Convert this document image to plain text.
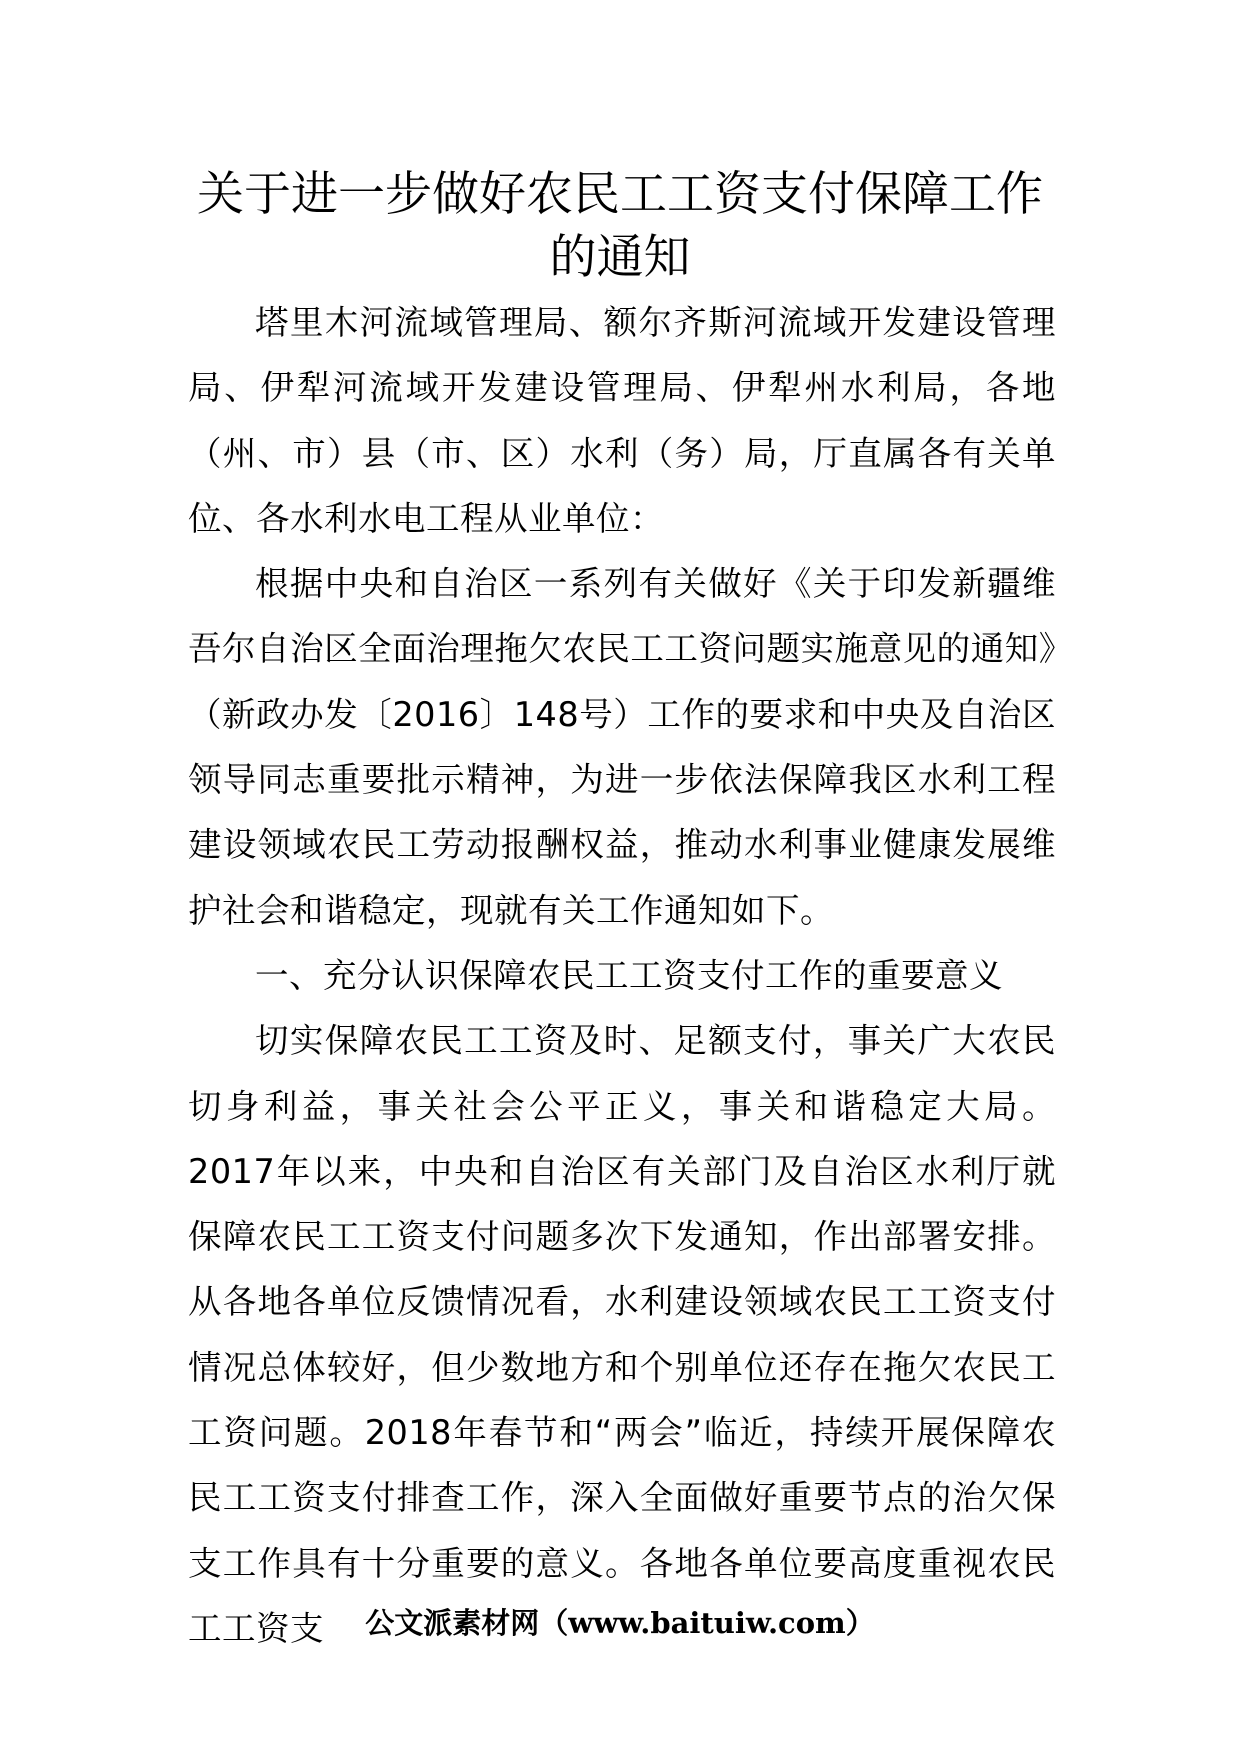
关于进一步做好农民工工资支付保障工作
的通知

塔里木河流域管理局、额尔齐斯河流域开发建设管理局、伊犁河流域开发建设管理局、伊犁州水利局，各地（州、市）县（市、区）水利（务）局，厅直属各有关单位、各水利水电工程从业单位：

根据中央和自治区一系列有关做好《关于印发新疆维吾尔自治区全面治理拖欠农民工工资问题实施意见的通知》（新政办发〔2016〕148号）工作的要求和中央及自治区领导同志重要批示精神，为进一步依法保障我区水利工程建设领域农民工劳动报酬权益，推动水利事业健康发展维护社会和谐稳定，现就有关工作通知如下。

一、充分认识保障农民工工资支付工作的重要意义

切实保障农民工工资及时、足额支付，事关广大农民切身利益，事关社会公平正义，事关和谐稳定大局。2017年以来，中央和自治区有关部门及自治区水利厅就保障农民工工资支付问题多次下发通知，作出部署安排。从各地各单位反馈情况看，水利建设领域农民工工资支付情况总体较好，但少数地方和个别单位还存在拖欠农民工工资问题。2018年春节和“两会”临近，持续开展保障农民工工资支付排查工作，深入全面做好重要节点的治欠保支工作具有十分重要的意义。各地各单位要高度重视农民工工资支	公文派素材网（www.baituiw.com）
